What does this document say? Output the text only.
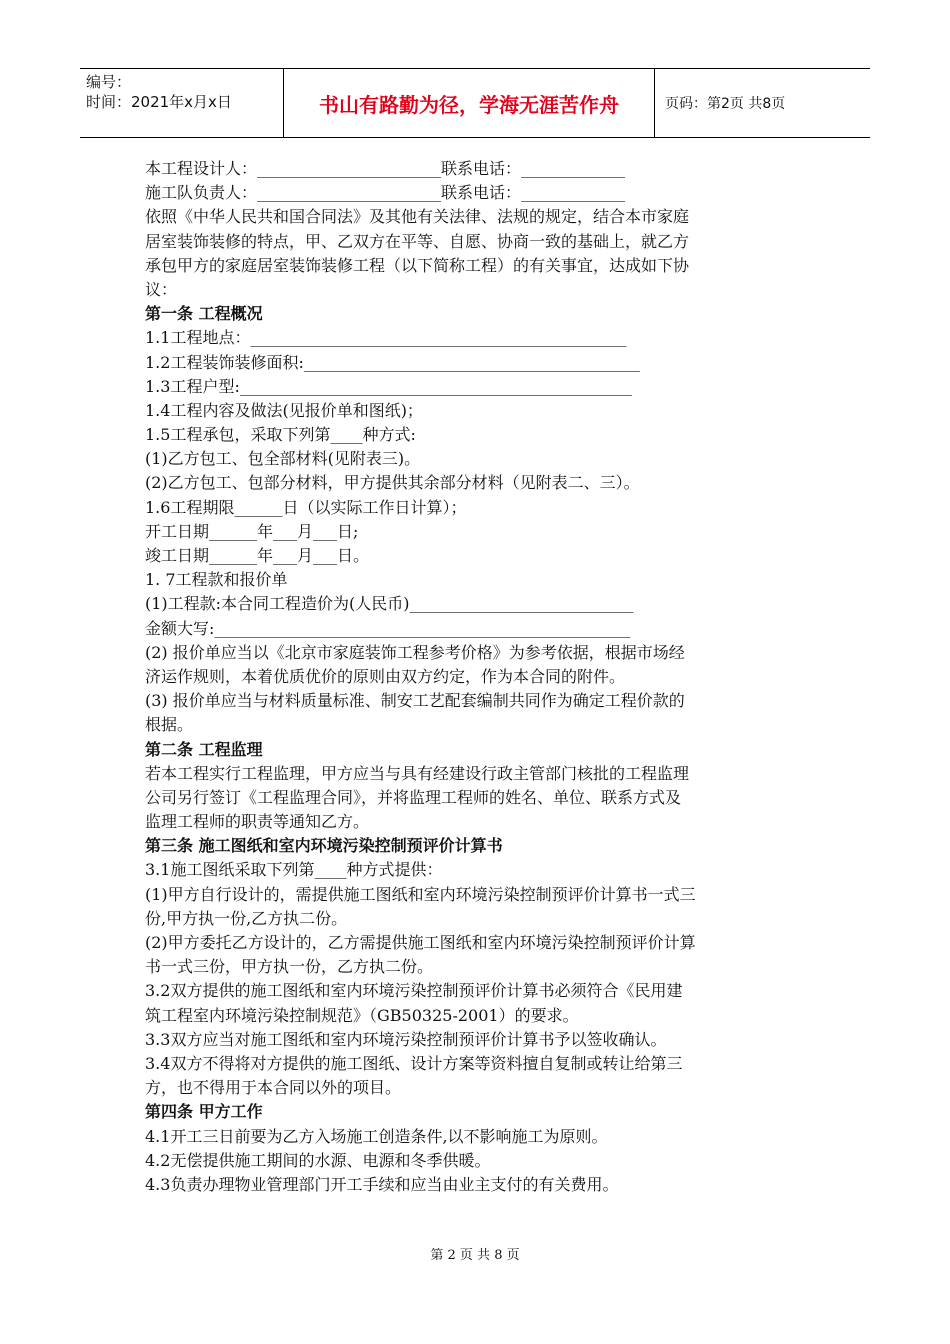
编号：
时间：2021年x月x日	书山有路勤为径，学海无涯苦作舟	页码：第2页 共8页
本工程设计人：_______________________联系电话：_____________
施工队负责人：_______________________联系电话：_____________
依照《中华人民共和国合同法》及其他有关法律、法规的规定，结合本市家庭
居室装饰装修的特点，甲、乙双方在平等、自愿、协商一致的基础上，就乙方
承包甲方的家庭居室装饰装修工程（以下简称工程）的有关事宜，达成如下协
议：
第一条 工程概况
1.1工程地点：_______________________________________________
1.2工程装饰装修面积:__________________________________________
1.3工程户型:_________________________________________________
1.4工程内容及做法(见报价单和图纸)；
1.5工程承包，采取下列第____种方式:
(1)乙方包工、包全部材料(见附表三)。
(2)乙方包工、包部分材料，甲方提供其余部分材料（见附表二、三）。
1.6工程期限______日（以实际工作日计算）；
开工日期______年___月___日;
竣工日期______年___月___日。
1. 7工程款和报价单
(1)工程款:本合同工程造价为(人民币)____________________________
金额大写:____________________________________________________
(2) 报价单应当以《北京市家庭装饰工程参考价格》为参考依据，根据市场经
济运作规则，本着优质优价的原则由双方约定，作为本合同的附件。
(3) 报价单应当与材料质量标准、制安工艺配套编制共同作为确定工程价款的
根据。
第二条 工程监理
若本工程实行工程监理，甲方应当与具有经建设行政主管部门核批的工程监理
公司另行签订《工程监理合同》，并将监理工程师的姓名、单位、联系方式及
监理工程师的职责等通知乙方。
第三条 施工图纸和室内环境污染控制预评价计算书
3.1施工图纸采取下列第____种方式提供：
(1)甲方自行设计的，需提供施工图纸和室内环境污染控制预评价计算书一式三
份,甲方执一份,乙方执二份。
(2)甲方委托乙方设计的，乙方需提供施工图纸和室内环境污染控制预评价计算
书一式三份，甲方执一份，乙方执二份。
3.2双方提供的施工图纸和室内环境污染控制预评价计算书必须符合《民用建
筑工程室内环境污染控制规范》（GB50325-2001）的要求。
3.3双方应当对施工图纸和室内环境污染控制预评价计算书予以签收确认。
3.4双方不得将对方提供的施工图纸、设计方案等资料擅自复制或转让给第三
方，也不得用于本合同以外的项目。
第四条 甲方工作
4.1开工三日前要为乙方入场施工创造条件,以不影响施工为原则。
4.2无偿提供施工期间的水源、电源和冬季供暖。
4.3负责办理物业管理部门开工手续和应当由业主支付的有关费用。
第 2 页 共 8 页
